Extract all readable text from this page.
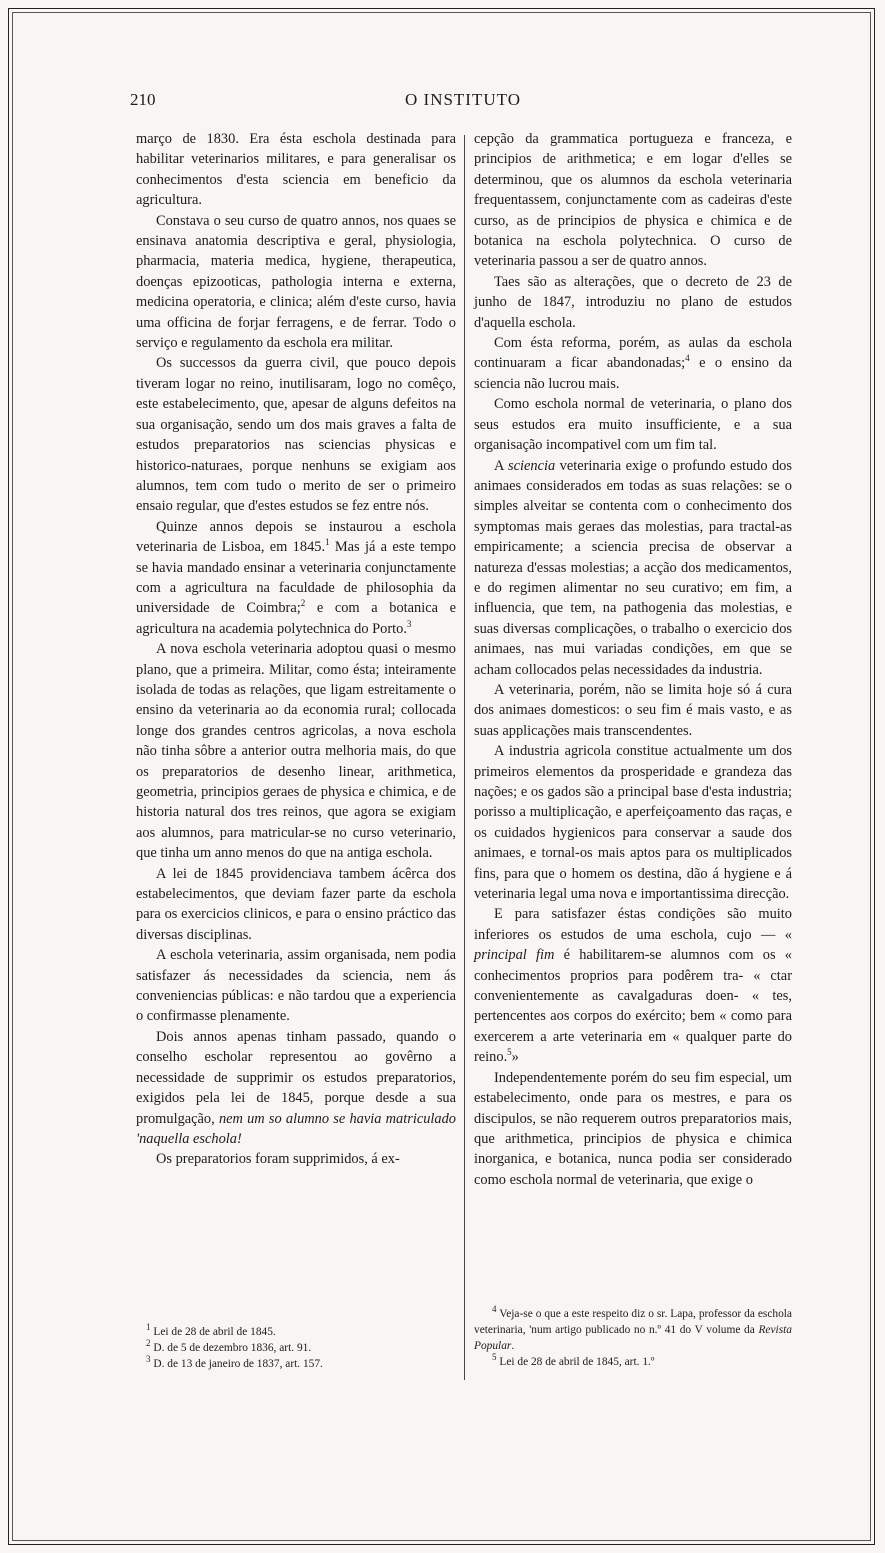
210	O INSTITUTO

março de 1830. Era ésta eschola destinada para habilitar veterinarios militares, e para generalisar os conhecimentos d'esta sciencia em beneficio da agricultura.

Constava o seu curso de quatro annos, nos quaes se ensinava anatomia descriptiva e geral, physiologia, pharmacia, materia medica, hygiene, therapeutica, doenças epizooticas, pathologia interna e externa, medicina operatoria, e clinica; além d'este curso, havia uma officina de forjar ferragens, e de ferrar. Todo o serviço e regulamento da eschola era militar.

Os successos da guerra civil, que pouco depois tiveram logar no reino, inutilisaram, logo no comêço, este estabelecimento, que, apesar de alguns defeitos na sua organisação, sendo um dos mais graves a falta de estudos preparatorios nas sciencias physicas e historico-naturaes, porque nenhuns se exigiam aos alumnos, tem com tudo o merito de ser o primeiro ensaio regular, que d'estes estudos se fez entre nós.

Quinze annos depois se instaurou a eschola veterinaria de Lisboa, em 1845.$^1$ Mas já a este tempo se havia mandado ensinar a veterinaria conjunctamente com a agricultura na faculdade de philosophia da universidade de Coimbra;$^2$ e com a botanica e agricultura na academia polytechnica do Porto.$^3$

A nova eschola veterinaria adoptou quasi o mesmo plano, que a primeira. Militar, como ésta; inteiramente isolada de todas as relações, que ligam estreitamente o ensino da veterinaria ao da economia rural; collocada longe dos grandes centros agricolas, a nova eschola não tinha sôbre a anterior outra melhoria mais, do que os preparatorios de desenho linear, arithmetica, geometria, principios geraes de physica e chimica, e de historia natural dos tres reinos, que agora se exigiam aos alumnos, para matricular-se no curso veterinario, que tinha um anno menos do que na antiga eschola.

A lei de 1845 providenciava tambem ácêrca dos estabelecimentos, que deviam fazer parte da eschola para os exercicios clinicos, e para o ensino práctico das diversas disciplinas.

A eschola veterinaria, assim organisada, nem podia satisfazer ás necessidades da sciencia, nem ás conveniencias públicas: e não tardou que a experiencia o confirmasse plenamente.

Dois annos apenas tinham passado, quando o conselho escholar representou ao govêrno a necessidade de supprimir os estudos preparatorios, exigidos pela lei de 1845, porque desde a sua promulgação, nem um so alumno se havia matriculado 'naquella eschola!

Os preparatorios foram supprimidos, á ex-

cepção da grammatica portugueza e franceza, e principios de arithmetica; e em logar d'elles se determinou, que os alumnos da eschola veterinaria frequentassem, conjunctamente com as cadeiras d'este curso, as de principios de physica e chimica e de botanica na eschola polytechnica. O curso de veterinaria passou a ser de quatro annos.

Taes são as alterações, que o decreto de 23 de junho de 1847, introduziu no plano de estudos d'aquella eschola.

Com ésta reforma, porém, as aulas da eschola continuaram a ficar abandonadas;$^4$ e o ensino da sciencia não lucrou mais.

Como eschola normal de veterinaria, o plano dos seus estudos era muito insufficiente, e a sua organisação incompativel com um fim tal.

A sciencia veterinaria exige o profundo estudo dos animaes considerados em todas as suas relações: se o simples alveitar se contenta com o conhecimento dos symptomas mais geraes das molestias, para tractal-as empiricamente; a sciencia precisa de observar a natureza d'essas molestias; a acção dos medicamentos, e do regimen alimentar no seu curativo; em fim, a influencia, que tem, na pathogenia das molestias, e suas diversas complicações, o trabalho o exercicio dos animaes, nas mui variadas condições, em que se acham collocados pelas necessidades da industria.

A veterinaria, porém, não se limita hoje só á cura dos animaes domesticos: o seu fim é mais vasto, e as suas applicações mais transcendentes.

A industria agricola constitue actualmente um dos primeiros elementos da prosperidade e grandeza das nações; e os gados são a principal base d'esta industria; porisso a multiplicação, e aperfeiçoamento das raças, e os cuidados hygienicos para conservar a saude dos animaes, e tornal-os mais aptos para os multiplicados fins, para que o homem os destina, dão á hygiene e á veterinaria legal uma nova e importantissima direcção.

E para satisfazer éstas condições são muito inferiores os estudos de uma eschola, cujo — « principal fim é habilitarem-se alumnos com os « conhecimentos proprios para podêrem tra- « ctar convenientemente as cavalgaduras doen- « tes, pertencentes aos corpos do exército; bem « como para exercerem a arte veterinaria em « qualquer parte do reino.$^5$»

Independentemente porém do seu fim especial, um estabelecimento, onde para os mestres, e para os discipulos, se não requerem outros preparatorios mais, que arithmetica, principios de physica e chimica inorganica, e botanica, nunca podia ser considerado como eschola normal de veterinaria, que exige o

$^1$ Lei de 28 de abril de 1845.

$^2$ D. de 5 de dezembro 1836, art. 91.

$^3$ D. de 13 de janeiro de 1837, art. 157.

$^4$ Veja-se o que a este respeito diz o sr. Lapa, professor da eschola veterinaria, 'num artigo publicado no n.º 41 do V volume da Revista Popular.

$^5$ Lei de 28 de abril de 1845, art. 1.º
